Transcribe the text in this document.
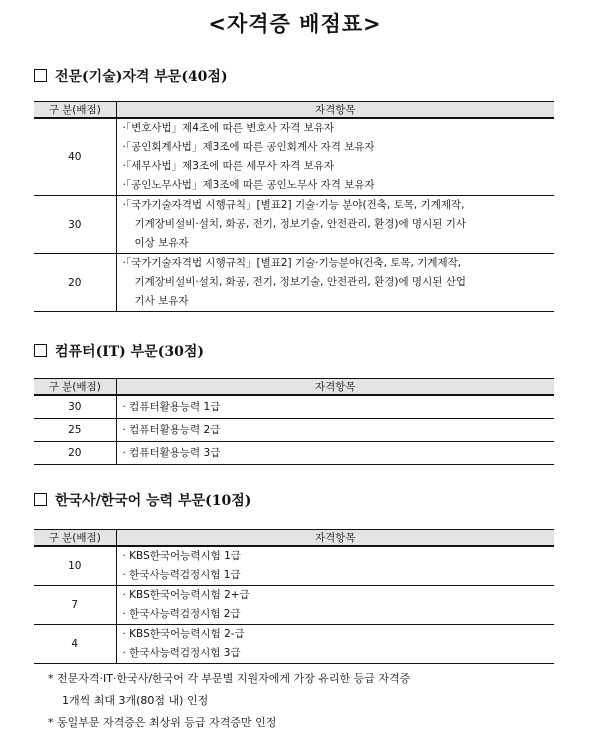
<자격증 배점표>
전문(기술)자격 부문(40점)
구 분(배점)	자격항목
40	·「변호사법」제4조에 따른 변호사 자격 보유자
·「공인회계사법」제3조에 따른 공인회계사 자격 보유자
·「세무사법」제3조에 따른 세무사 자격 보유자
·「공인노무사법」제3조에 따른 공인노무사 자격 보유자

30	·「국가기술자격법 시행규칙」[별표2] 기술·기능 분야(건축, 토목, 기계제작,
기계장비설비·설치, 화공, 전기, 정보기술, 안전관리, 환경)에 명시된 기사
이상 보유자

20	·「국가기술자격법 시행규칙」[별표2] 기술·기능분야(건축, 토목, 기계제작,
기계장비설비·설치, 화공, 전기, 정보기술, 안전관리, 환경)에 명시된 산업
기사 보유자
컴퓨터(IT) 부문(30점)
구 분(배점)	자격항목
30	· 컴퓨터활용능력 1급

25	· 컴퓨터활용능력 2급

20	· 컴퓨터활용능력 3급
한국사/한국어 능력 부문(10점)
구 분(배점)	자격항목
10	· KBS한국어능력시험 1급
· 한국사능력검정시험 1급

7	· KBS한국어능력시험 2+급
· 한국사능력검정시험 2급

4	· KBS한국어능력시험 2-급
· 한국사능력검정시험 3급
* 전문자격·IT·한국사/한국어 각 부문별 지원자에게 가장 유리한 등급 자격증
1개씩 최대 3개(80점 내) 인정
* 동일부문 자격증은 최상위 등급 자격증만 인정
